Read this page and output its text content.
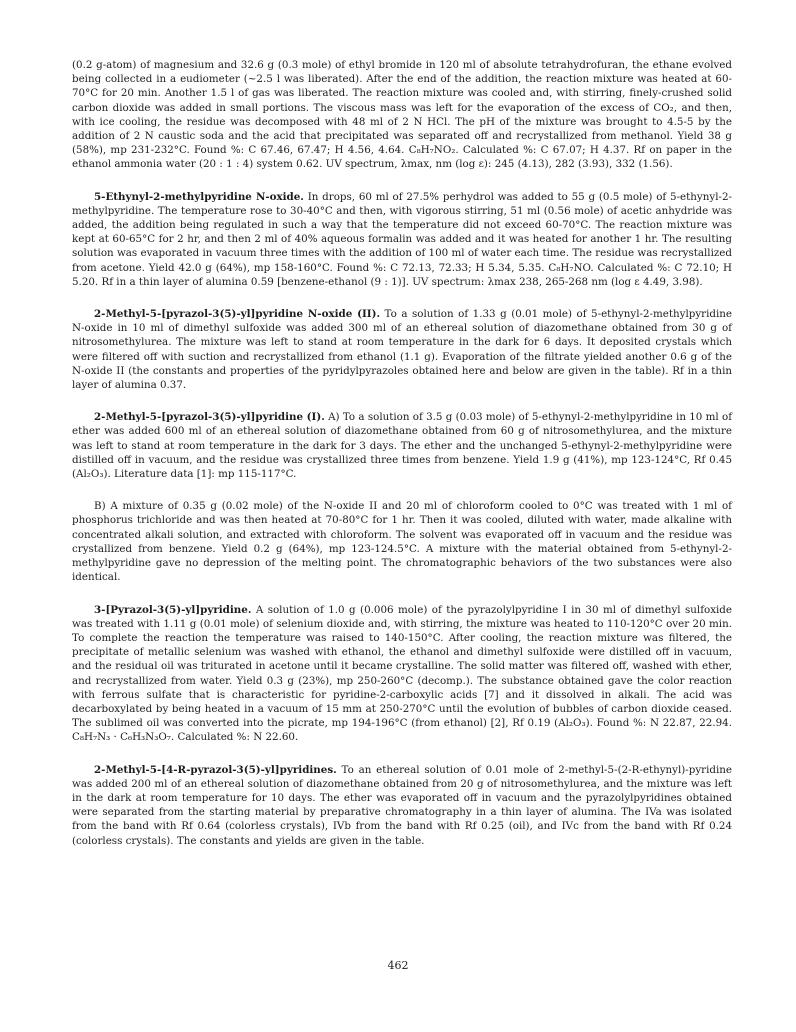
(0.2 g-atom) of magnesium and 32.6 g (0.3 mole) of ethyl bromide in 120 ml of absolute tetrahydrofuran, the ethane evolved being collected in a eudiometer (~2.5 l was liberated). After the end of the addition, the reaction mixture was heated at 60-70°C for 20 min. Another 1.5 l of gas was liberated. The reaction mixture was cooled and, with stirring, finely-crushed solid carbon dioxide was added in small portions. The viscous mass was left for the evaporation of the excess of CO₂, and then, with ice cooling, the residue was decomposed with 48 ml of 2 N HCl. The pH of the mixture was brought to 4.5-5 by the addition of 2 N caustic soda and the acid that precipitated was separated off and recrystallized from methanol. Yield 38 g (58%), mp 231-232°C. Found %: C 67.46, 67.47; H 4.56, 4.64. C₈H₇NO₂. Calculated %: C 67.07; H 4.37. Rf on paper in the ethanol ammonia water (20 : 1 : 4) system 0.62. UV spectrum, λmax, nm (log ε): 245 (4.13), 282 (3.93), 332 (1.56).

5-Ethynyl-2-methylpyridine N-oxide. In drops, 60 ml of 27.5% perhydrol was added to 55 g (0.5 mole) of 5-ethynyl-2-methylpyridine. The temperature rose to 30-40°C and then, with vigorous stirring, 51 ml (0.56 mole) of acetic anhydride was added, the addition being regulated in such a way that the temperature did not exceed 60-70°C. The reaction mixture was kept at 60-65°C for 2 hr, and then 2 ml of 40% aqueous formalin was added and it was heated for another 1 hr. The resulting solution was evaporated in vacuum three times with the addition of 100 ml of water each time. The residue was recrystallized from acetone. Yield 42.0 g (64%), mp 158-160°C. Found %: C 72.13, 72.33; H 5.34, 5.35. C₈H₇NO. Calculated %: C 72.10; H 5.20. Rf in a thin layer of alumina 0.59 [benzene-ethanol (9 : 1)]. UV spectrum: λmax 238, 265-268 nm (log ε 4.49, 3.98).

2-Methyl-5-[pyrazol-3(5)-yl]pyridine N-oxide (II). To a solution of 1.33 g (0.01 mole) of 5-ethynyl-2-methylpyridine N-oxide in 10 ml of dimethyl sulfoxide was added 300 ml of an ethereal solution of diazomethane obtained from 30 g of nitrosomethylurea. The mixture was left to stand at room temperature in the dark for 6 days. It deposited crystals which were filtered off with suction and recrystallized from ethanol (1.1 g). Evaporation of the filtrate yielded another 0.6 g of the N-oxide II (the constants and properties of the pyridylpyrazoles obtained here and below are given in the table). Rf in a thin layer of alumina 0.37.

2-Methyl-5-[pyrazol-3(5)-yl]pyridine (I). A) To a solution of 3.5 g (0.03 mole) of 5-ethynyl-2-methylpyridine in 10 ml of ether was added 600 ml of an ethereal solution of diazomethane obtained from 60 g of nitrosomethylurea, and the mixture was left to stand at room temperature in the dark for 3 days. The ether and the unchanged 5-ethynyl-2-methylpyridine were distilled off in vacuum, and the residue was crystallized three times from benzene. Yield 1.9 g (41%), mp 123-124°C, Rf 0.45 (Al₂O₃). Literature data [1]: mp 115-117°C.

B) A mixture of 0.35 g (0.02 mole) of the N-oxide II and 20 ml of chloroform cooled to 0°C was treated with 1 ml of phosphorus trichloride and was then heated at 70-80°C for 1 hr. Then it was cooled, diluted with water, made alkaline with concentrated alkali solution, and extracted with chloroform. The solvent was evaporated off in vacuum and the residue was crystallized from benzene. Yield 0.2 g (64%), mp 123-124.5°C. A mixture with the material obtained from 5-ethynyl-2-methylpyridine gave no depression of the melting point. The chromatographic behaviors of the two substances were also identical.

3-[Pyrazol-3(5)-yl]pyridine. A solution of 1.0 g (0.006 mole) of the pyrazolylpyridine I in 30 ml of dimethyl sulfoxide was treated with 1.11 g (0.01 mole) of selenium dioxide and, with stirring, the mixture was heated to 110-120°C over 20 min. To complete the reaction the temperature was raised to 140-150°C. After cooling, the reaction mixture was filtered, the precipitate of metallic selenium was washed with ethanol, the ethanol and dimethyl sulfoxide were distilled off in vacuum, and the residual oil was triturated in acetone until it became crystalline. The solid matter was filtered off, washed with ether, and recrystallized from water. Yield 0.3 g (23%), mp 250-260°C (decomp.). The substance obtained gave the color reaction with ferrous sulfate that is characteristic for pyridine-2-carboxylic acids [7] and it dissolved in alkali. The acid was decarboxylated by being heated in a vacuum of 15 mm at 250-270°C until the evolution of bubbles of carbon dioxide ceased. The sublimed oil was converted into the picrate, mp 194-196°C (from ethanol) [2], Rf 0.19 (Al₂O₃). Found %: N 22.87, 22.94. C₈H₇N₃ · C₆H₃N₃O₇. Calculated %: N 22.60.

2-Methyl-5-[4-R-pyrazol-3(5)-yl]pyridines. To an ethereal solution of 0.01 mole of 2-methyl-5-(2-R-ethynyl)-pyridine was added 200 ml of an ethereal solution of diazomethane obtained from 20 g of nitrosomethylurea, and the mixture was left in the dark at room temperature for 10 days. The ether was evaporated off in vacuum and the pyrazolylpyridines obtained were separated from the starting material by preparative chromatography in a thin layer of alumina. The IVa was isolated from the band with Rf 0.64 (colorless crystals), IVb from the band with Rf 0.25 (oil), and IVc from the band with Rf 0.24 (colorless crystals). The constants and yields are given in the table.

462
